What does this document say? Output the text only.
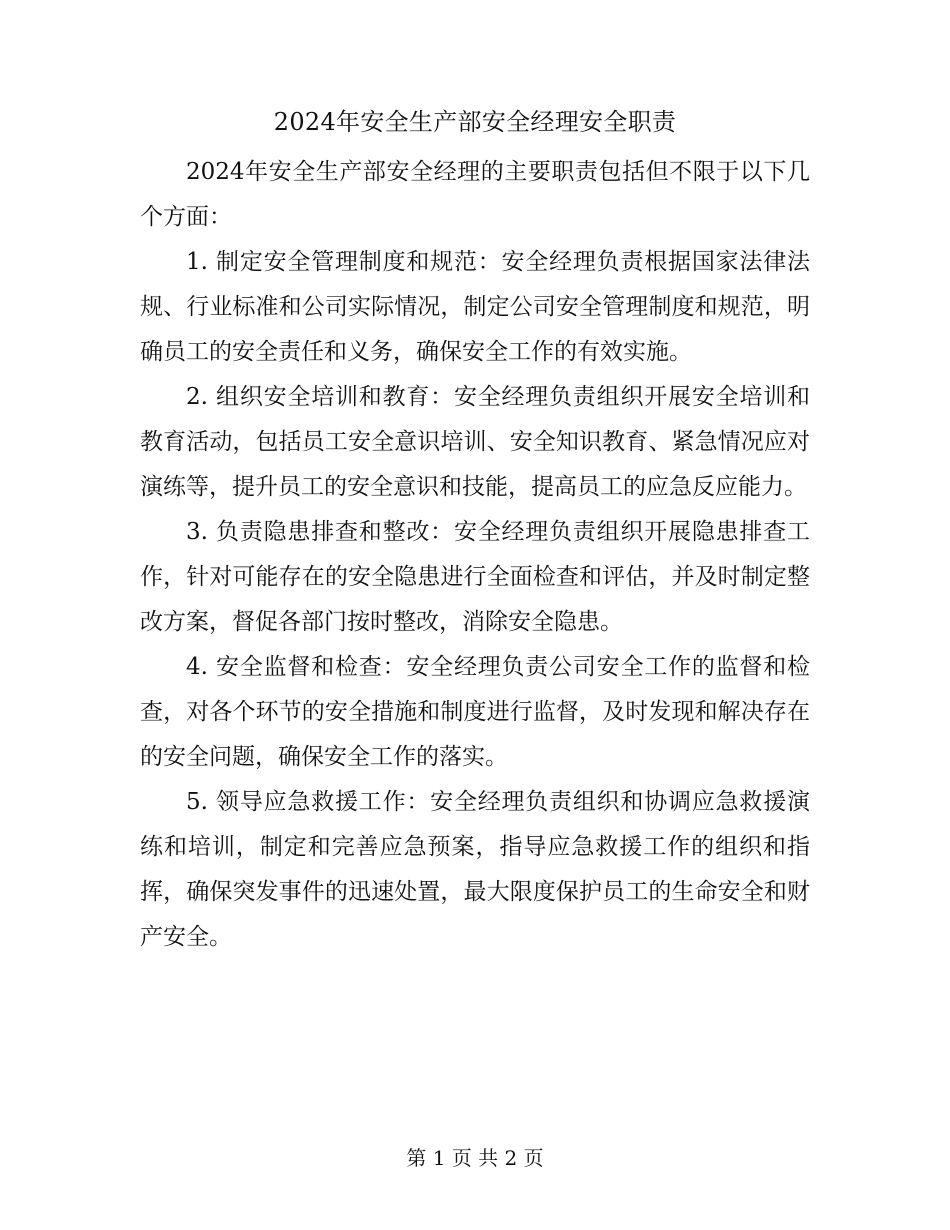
2024年安全生产部安全经理安全职责

2024年安全生产部安全经理的主要职责包括但不限于以下几个方面：

1. 制定安全管理制度和规范：安全经理负责根据国家法律法规、行业标准和公司实际情况，制定公司安全管理制度和规范，明确员工的安全责任和义务，确保安全工作的有效实施。

2. 组织安全培训和教育：安全经理负责组织开展安全培训和教育活动，包括员工安全意识培训、安全知识教育、紧急情况应对演练等，提升员工的安全意识和技能，提高员工的应急反应能力。

3. 负责隐患排查和整改：安全经理负责组织开展隐患排查工作，针对可能存在的安全隐患进行全面检查和评估，并及时制定整改方案，督促各部门按时整改，消除安全隐患。

4. 安全监督和检查：安全经理负责公司安全工作的监督和检查，对各个环节的安全措施和制度进行监督，及时发现和解决存在的安全问题，确保安全工作的落实。

5. 领导应急救援工作：安全经理负责组织和协调应急救援演练和培训，制定和完善应急预案，指导应急救援工作的组织和指挥，确保突发事件的迅速处置，最大限度保护员工的生命安全和财产安全。

第 1 页 共 2 页
